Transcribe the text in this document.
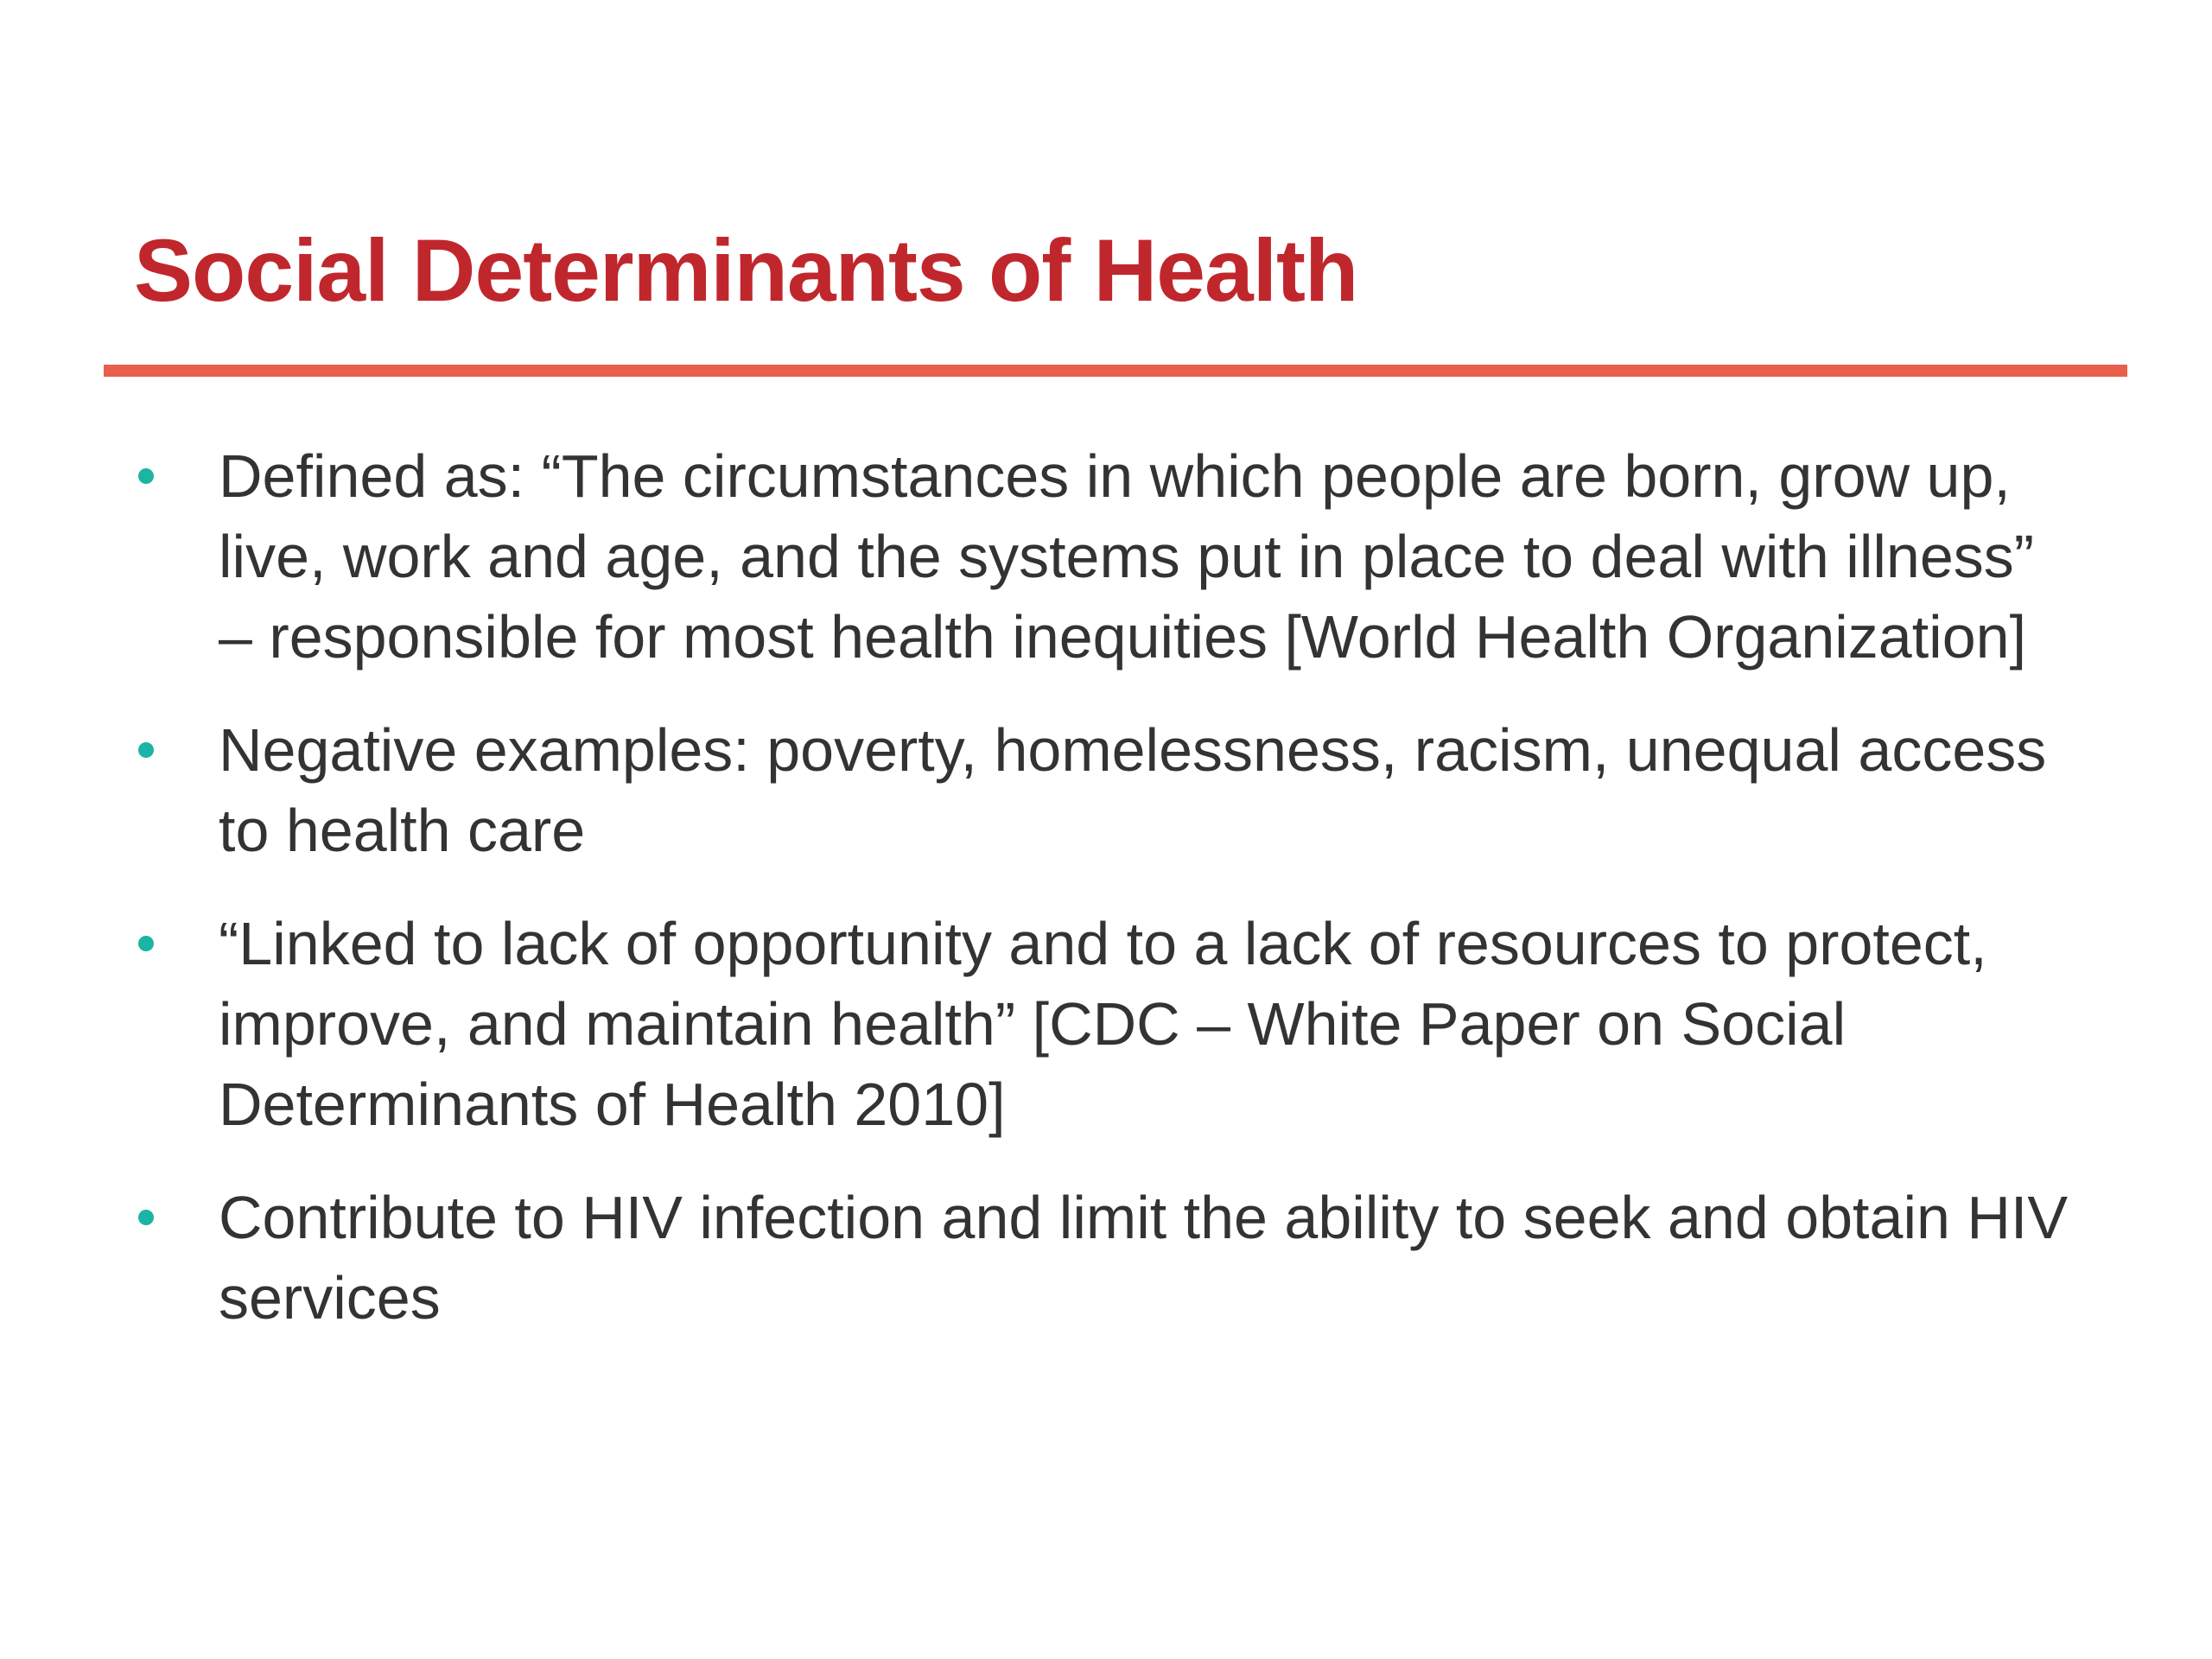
Social Determinants of Health
Defined as: “The circumstances in which people are born, grow up, live, work and age, and the systems put in place to deal with illness” – responsible for most health inequities [World Health Organization]
Negative examples: poverty, homelessness, racism, unequal access to health care
“Linked to lack of opportunity and to a lack of resources to protect, improve, and maintain health” [CDC – White Paper on Social Determinants of Health 2010]
Contribute to HIV infection and limit the ability to seek and obtain HIV services
